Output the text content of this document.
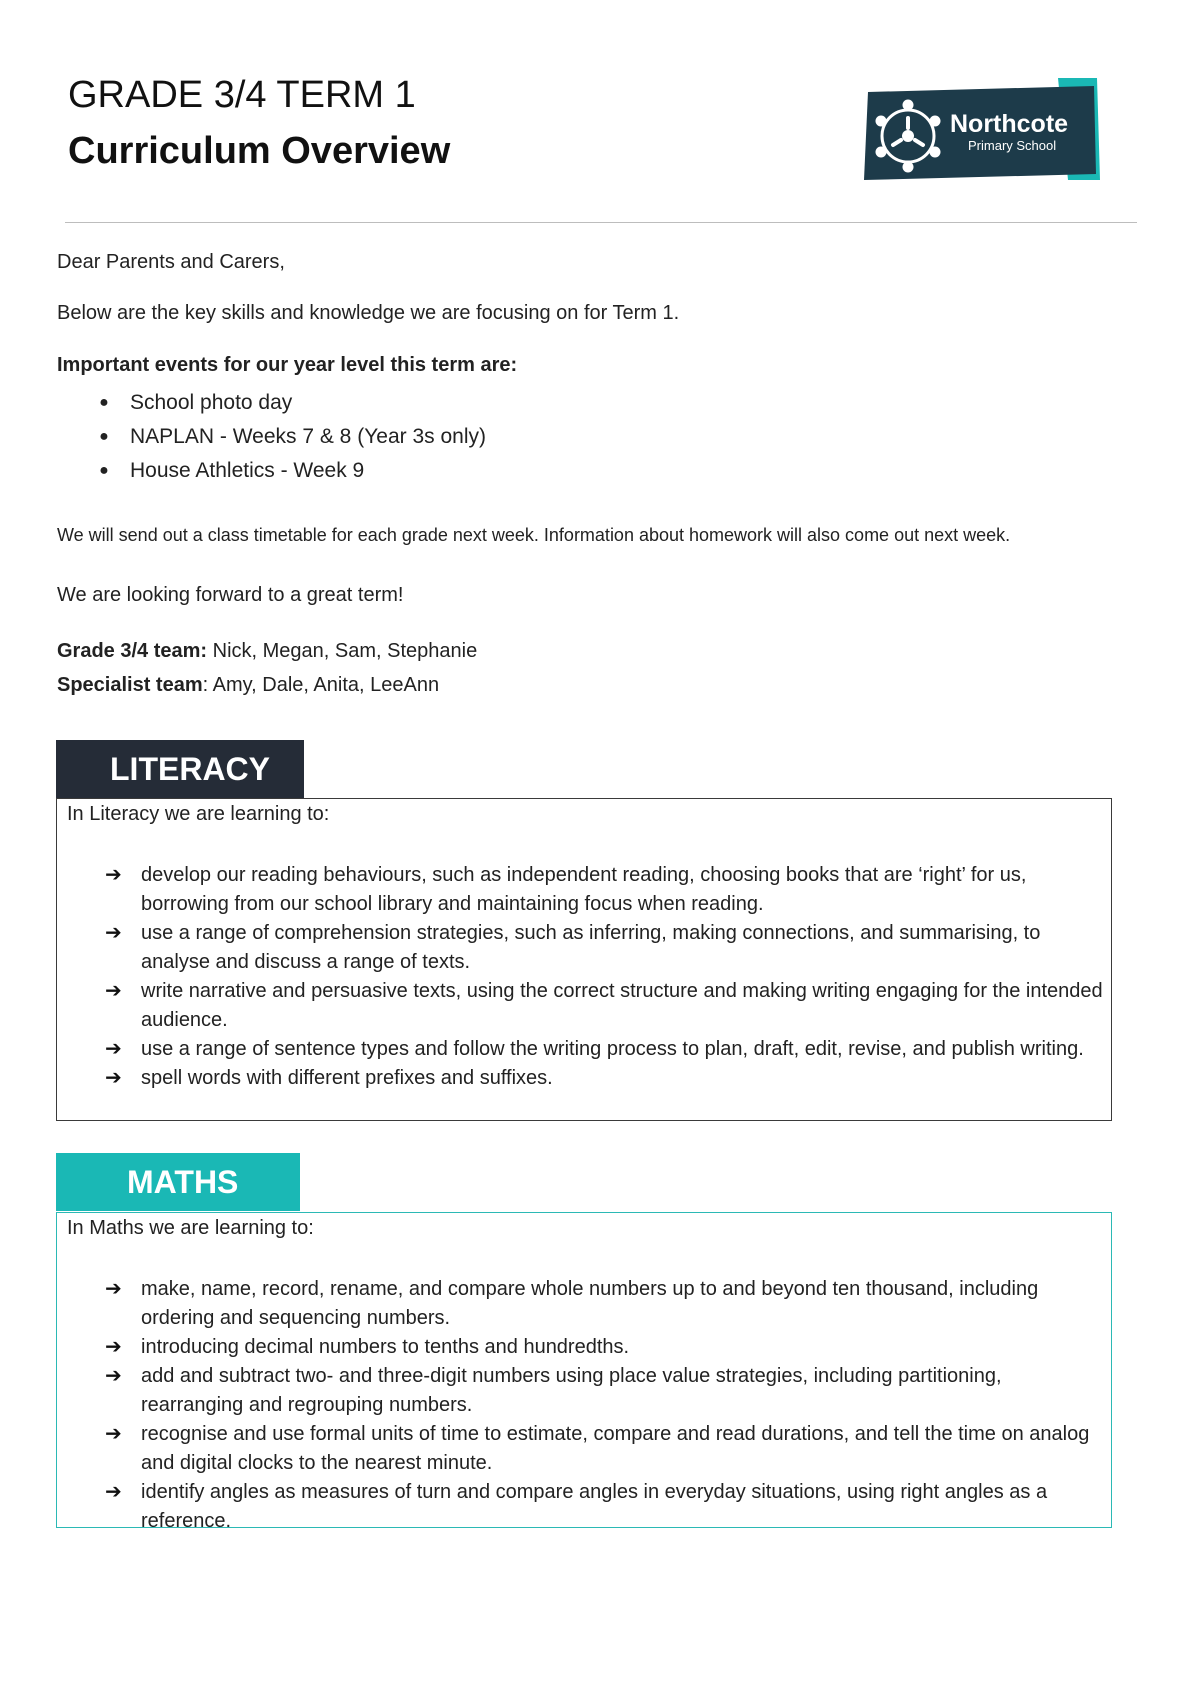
GRADE 3/4 TERM 1
Curriculum Overview
Northcote
Primary School
Dear Parents and Carers,
Below are the key skills and knowledge we are focusing on for Term 1.
Important events for our year level this term are:
● School photo day
● NAPLAN - Weeks 7 & 8 (Year 3s only)
● House Athletics - Week 9
We will send out a class timetable for each grade next week. Information about homework will also come out next week.
We are looking forward to a great term!
Grade 3/4 team: Nick, Megan, Sam, Stephanie
Specialist team: Amy, Dale, Anita, LeeAnn
LITERACY
In Literacy we are learning to:
➔ develop our reading behaviours, such as independent reading, choosing books that are ‘right’ for us, borrowing from our school library and maintaining focus when reading.
➔ use a range of comprehension strategies, such as inferring, making connections, and summarising, to analyse and discuss a range of texts.
➔ write narrative and persuasive texts, using the correct structure and making writing engaging for the intended audience.
➔ use a range of sentence types and follow the writing process to plan, draft, edit, revise, and publish writing.
➔ spell words with different prefixes and suffixes.
MATHS
In Maths we are learning to:
➔ make, name, record, rename, and compare whole numbers up to and beyond ten thousand, including ordering and sequencing numbers.
➔ introducing decimal numbers to tenths and hundredths.
➔ add and subtract two- and three-digit numbers using place value strategies, including partitioning, rearranging and regrouping numbers.
➔ recognise and use formal units of time to estimate, compare and read durations, and tell the time on analog and digital clocks to the nearest minute.
➔ identify angles as measures of turn and compare angles in everyday situations, using right angles as a reference.
